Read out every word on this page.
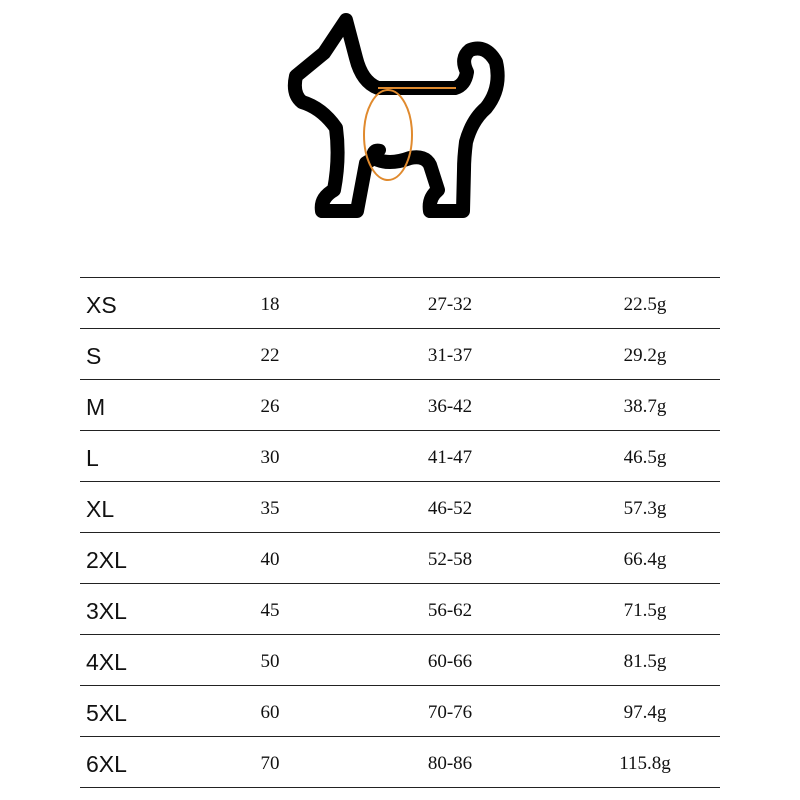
XS	18	27-32	22.5g
S	22	31-37	29.2g
M	26	36-42	38.7g
L	30	41-47	46.5g
XL	35	46-52	57.3g
2XL	40	52-58	66.4g
3XL	45	56-62	71.5g
4XL	50	60-66	81.5g
5XL	60	70-76	97.4g
6XL	70	80-86	115.8g
